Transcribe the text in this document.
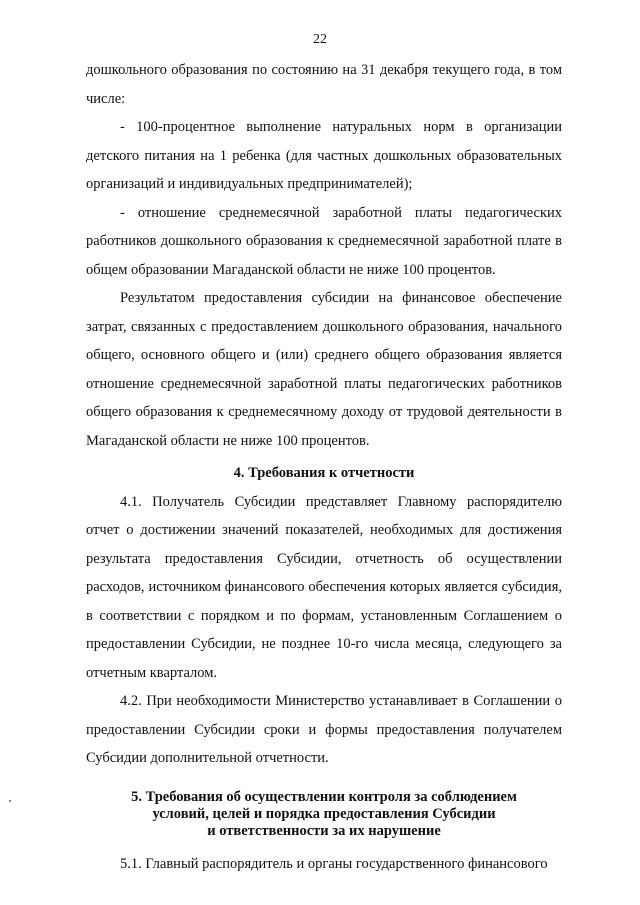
22

дошкольного образования по состоянию на 31 декабря текущего года, в том числе:

- 100-процентное выполнение натуральных норм в организации детского питания на 1 ребенка (для частных дошкольных образовательных организаций и индивидуальных предпринимателей);

- отношение среднемесячной заработной платы педагогических работников дошкольного образования к среднемесячной заработной плате в общем образовании Магаданской области не ниже 100 процентов.

Результатом предоставления субсидии на финансовое обеспечение затрат, связанных с предоставлением дошкольного образования, начального общего, основного общего и (или) среднего общего образования является отношение среднемесячной заработной платы педагогических работников общего образования к среднемесячному доходу от трудовой деятельности в Магаданской области не ниже 100 процентов.

4. Требования к отчетности

4.1. Получатель Субсидии представляет Главному распорядителю отчет о достижении значений показателей, необходимых для достижения результата предоставления Субсидии, отчетность об осуществлении расходов, источником финансового обеспечения которых является субсидия, в соответствии с порядком и по формам, установленным Соглашением о предоставлении Субсидии, не позднее 10-го числа месяца, следующего за отчетным кварталом.

4.2. При необходимости Министерство устанавливает в Соглашении о предоставлении Субсидии сроки и формы предоставления получателем Субсидии дополнительной отчетности.

5. Требования об осуществлении контроля за соблюдением
условий, целей и порядка предоставления Субсидии
и ответственности за их нарушение

5.1. Главный распорядитель и органы государственного финансового
